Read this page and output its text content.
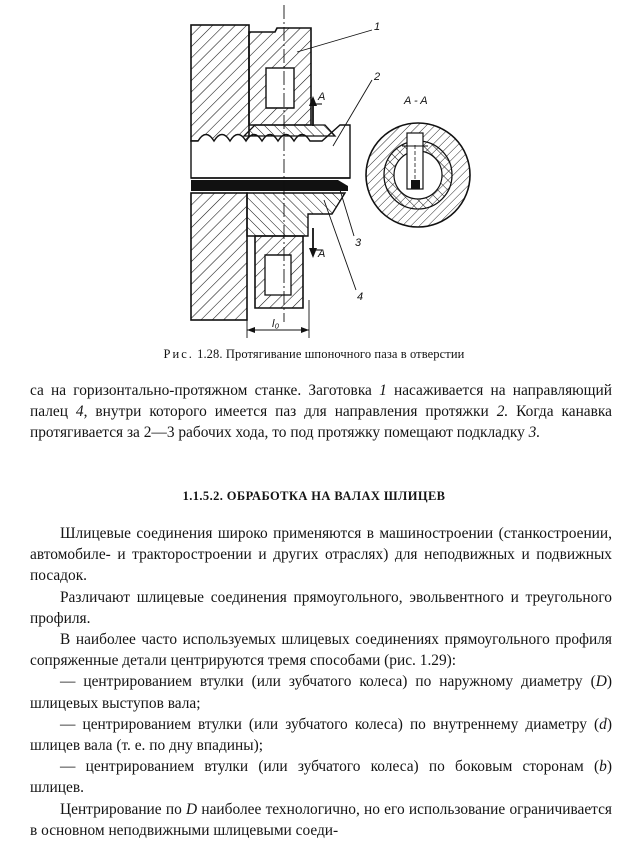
A
A
l₀
1
2
3
4
A - A
Рис. 1.28. Протягивание шпоночного паза в отверстии

са на горизонтально-протяжном станке. Заготовка 1 насаживается на направляющий палец 4, внутри которого имеется паз для направления протяжки 2. Когда канавка протягивается за 2—3 рабочих хода, то под протяжку помещают подкладку 3.

1.1.5.2. ОБРАБОТКА НА ВАЛАХ ШЛИЦЕВ

Шлицевые соединения широко применяются в машиностроении (станкостроении, автомобиле- и тракторостроении и других отраслях) для неподвижных и подвижных посадок.

Различают шлицевые соединения прямоугольного, эвольвентного и треугольного профиля.

В наиболее часто используемых шлицевых соединениях прямоугольного профиля сопряженные детали центрируются тремя способами (рис. 1.29):

— центрированием втулки (или зубчатого колеса) по наружному диаметру (D) шлицевых выступов вала;

— центрированием втулки (или зубчатого колеса) по внутреннему диаметру (d) шлицев вала (т. е. по дну впадины);

— центрированием втулки (или зубчатого колеса) по боковым сторонам (b) шлицев.

Центрирование по D наиболее технологично, но его использование ограничивается в основном неподвижными шлицевыми соеди-
